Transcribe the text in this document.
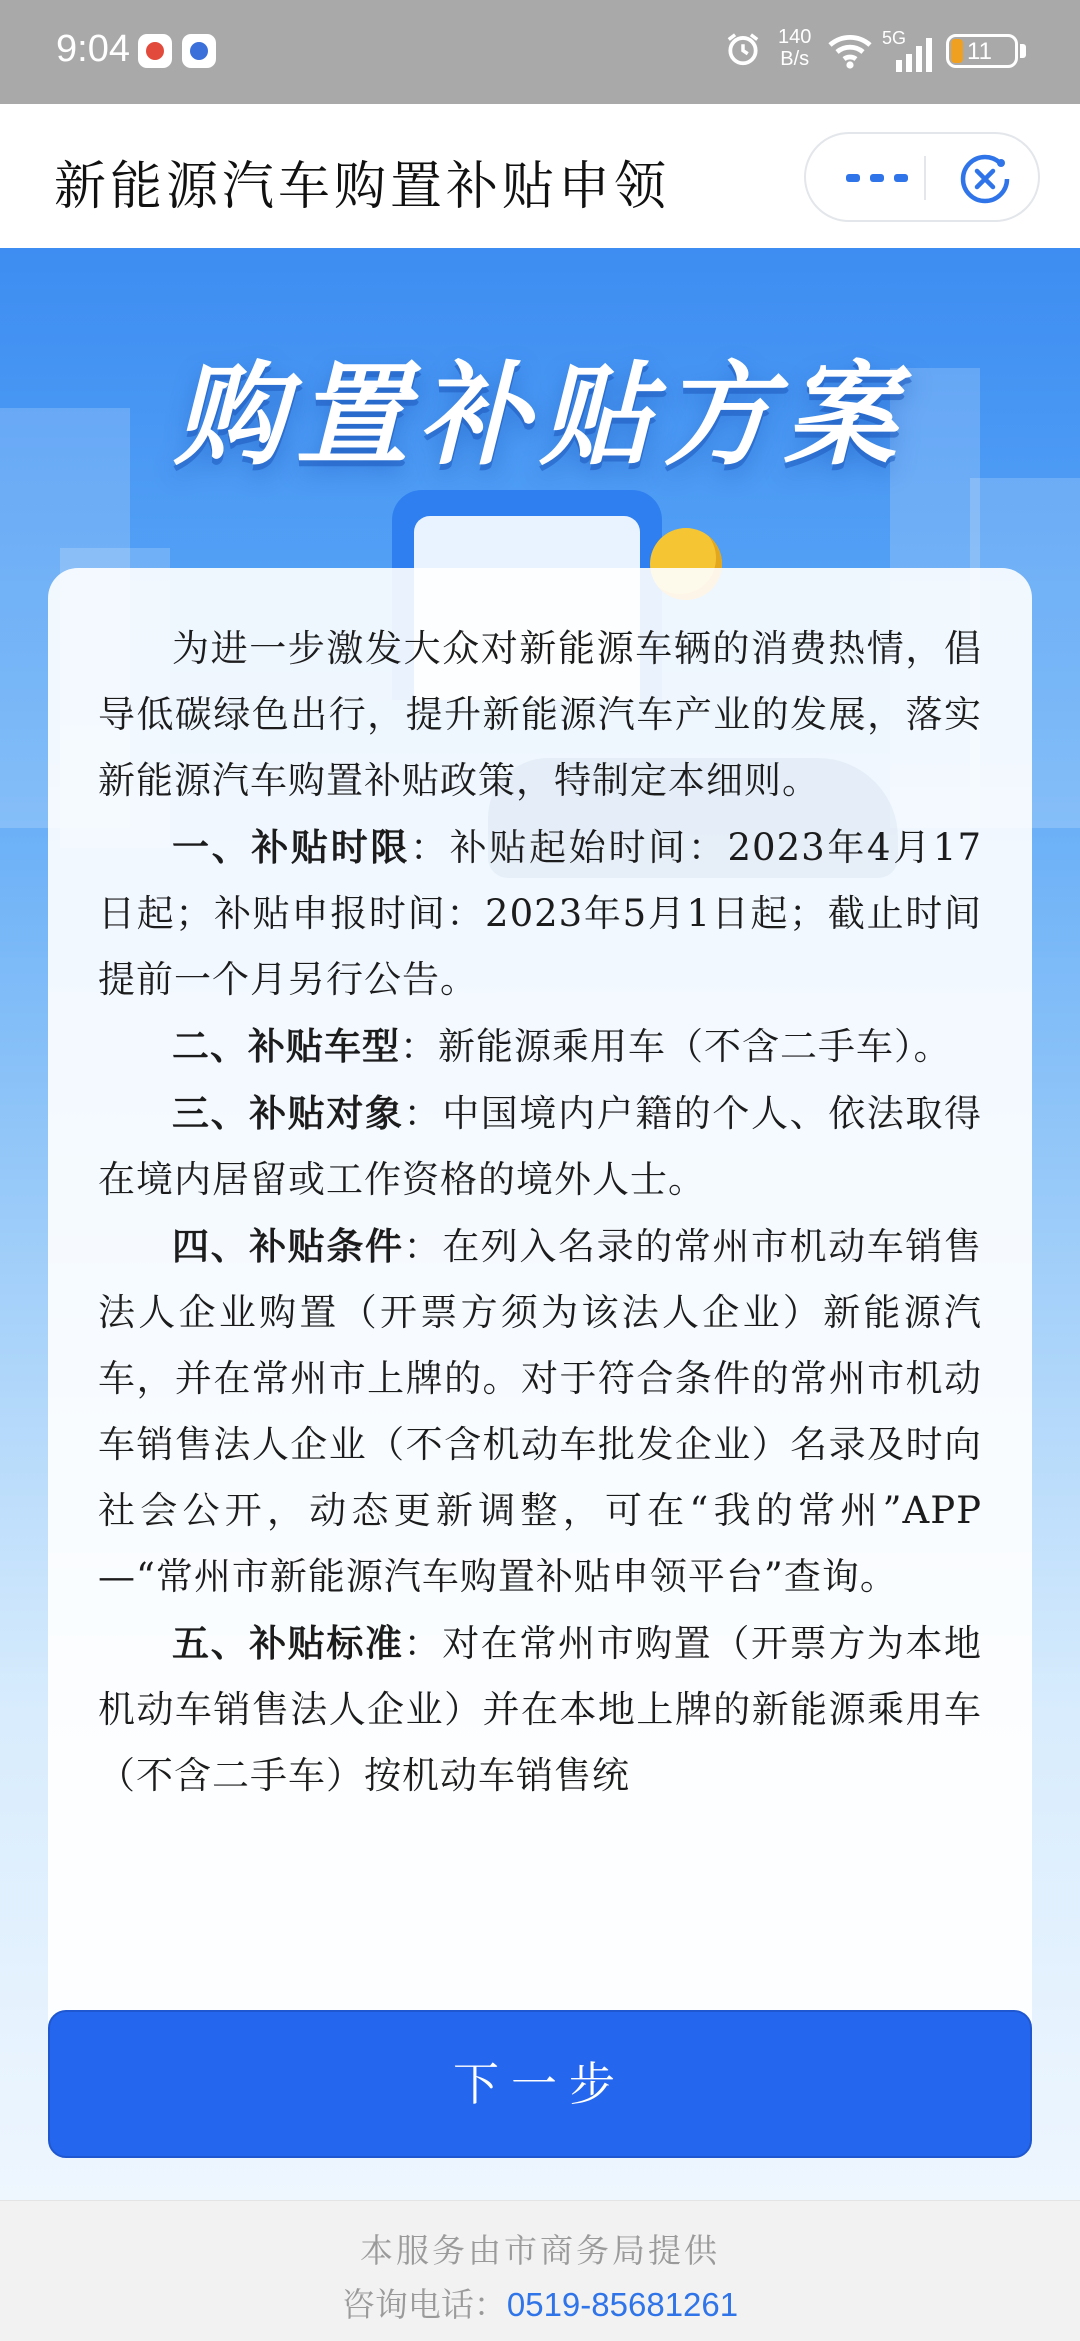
9:04	140
B/s
5G	11
新能源汽车购置补贴申领
购置补贴方案

为进一步激发大众对新能源车辆的消费热情，倡导低碳绿色出行，提升新能源汽车产业的发展，落实新能源汽车购置补贴政策，特制定本细则。

一、补贴时限：补贴起始时间：2023年4月17日起；补贴申报时间：2023年5月1日起；截止时间提前一个月另行公告。

二、补贴车型：新能源乘用车（不含二手车）。

三、补贴对象：中国境内户籍的个人、依法取得在境内居留或工作资格的境外人士。

四、补贴条件：在列入名录的常州市机动车销售法人企业购置（开票方须为该法人企业）新能源汽车，并在常州市上牌的。对于符合条件的常州市机动车销售法人企业（不含机动车批发企业）名录及时向社会公开，动态更新调整，可在“我的常州”APP—“常州市新能源汽车购置补贴申领平台”查询。

五、补贴标准：对在常州市购置（开票方为本地机动车销售法人企业）并在本地上牌的新能源乘用车（不含二手车）按机动车销售统

下一步
本服务由市商务局提供
咨询电话：0519-85681261
